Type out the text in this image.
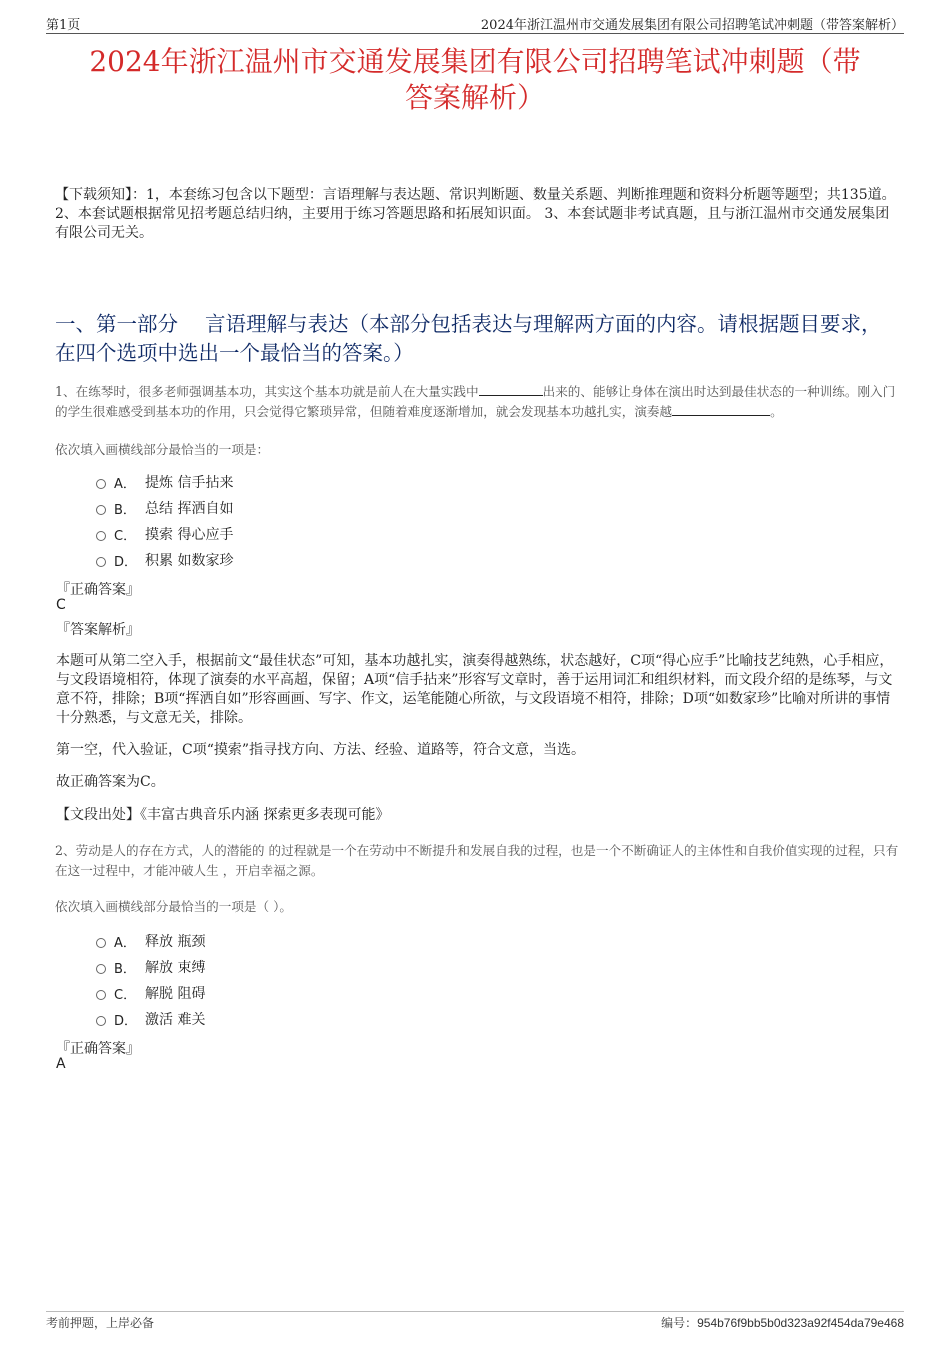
第1页	2024年浙江温州市交通发展集团有限公司招聘笔试冲刺题（带答案解析）
2024年浙江温州市交通发展集团有限公司招聘笔试冲刺题（带
答案解析）
【下载须知】：1，本套练习包含以下题型：言语理解与表达题、常识判断题、数量关系题、判断推理题和资料分析题等题型；共135道。 2、本套试题根据常见招考题总结归纳，主要用于练习答题思路和拓展知识面。 3、本套试题非考试真题，且与浙江温州市交通发展集团有限公司无关。
一、第一部分　 言语理解与表达（本部分包括表达与理解两方面的内容。请根据题目要求，在四个选项中选出一个最恰当的答案。）
1、在练琴时，很多老师强调基本功，其实这个基本功就是前人在大量实践中	出来的、能够让身体在演出时达到最佳状态的一种训练。刚入门的学生很难感受到基本功的作用，只会觉得它繁琐异常，但随着难度逐渐增加，就会发现基本功越扎实，演奏越	。
依次填入画横线部分最恰当的一项是：
A． 提炼 信手拈来
B． 总结 挥洒自如
C． 摸索 得心应手
D． 积累 如数家珍
『正确答案』
C
『答案解析』
本题可从第二空入手，根据前文“最佳状态”可知，基本功越扎实，演奏得越熟练，状态越好，C项“得心应手”比喻技艺纯熟，心手相应，与文段语境相符，体现了演奏的水平高超，保留；A项“信手拈来”形容写文章时，善于运用词汇和组织材料，而文段介绍的是练琴，与文意不符，排除；B项“挥洒自如”形容画画、写字、作文，运笔能随心所欲，与文段语境不相符，排除；D项“如数家珍”比喻对所讲的事情十分熟悉，与文意无关，排除。
第一空，代入验证，C项“摸索”指寻找方向、方法、经验、道路等，符合文意，当选。
故正确答案为C。
【文段出处】《丰富古典音乐内涵 探索更多表现可能》
2、劳动是人的存在方式，人的潜能的 的过程就是一个在劳动中不断提升和发展自我的过程，也是一个不断确证人的主体性和自我价值实现的过程，只有在这一过程中，才能冲破人生 ，开启幸福之源。
依次填入画横线部分最恰当的一项是（ ）。
A． 释放 瓶颈
B． 解放 束缚
C． 解脱 阻碍
D． 激活 难关
『正确答案』
A
考前押题，上岸必备	编号：954b76f9bb5b0d323a92f454da79e468
